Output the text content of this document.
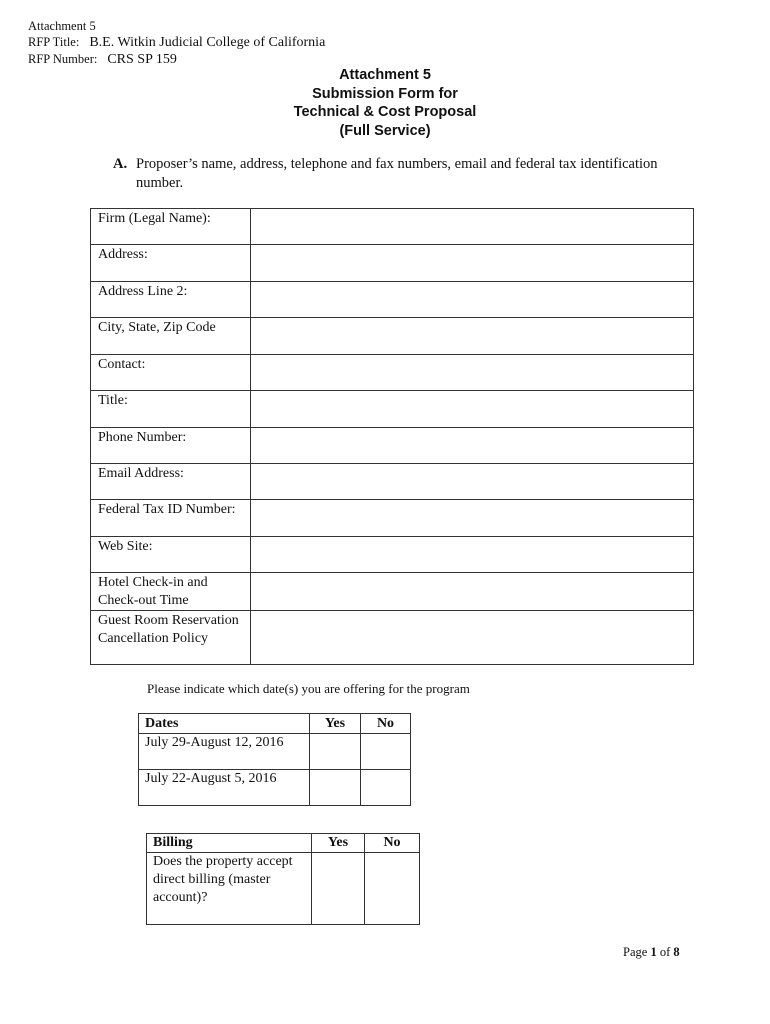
Attachment 5
RFP Title: B.E. Witkin Judicial College of California
RFP Number: CRS SP 159
Attachment 5
Submission Form for
Technical & Cost Proposal
(Full Service)
A. Proposer’s name, address, telephone and fax numbers, email and federal tax identification number.
Firm (Legal Name):	
Address:	
Address Line 2:	
City, State, Zip Code	
Contact:	
Title:	
Phone Number:	
Email Address:	
Federal Tax ID Number:	
Web Site:	
Hotel Check-in and Check-out Time	
Guest Room Reservation Cancellation Policy	
Please indicate which date(s) you are offering for the program
Dates	Yes	No
July 29-August 12, 2016		
July 22-August 5, 2016		
Billing	Yes	No
Does the property accept direct billing (master account)?		
Page 1 of 8
